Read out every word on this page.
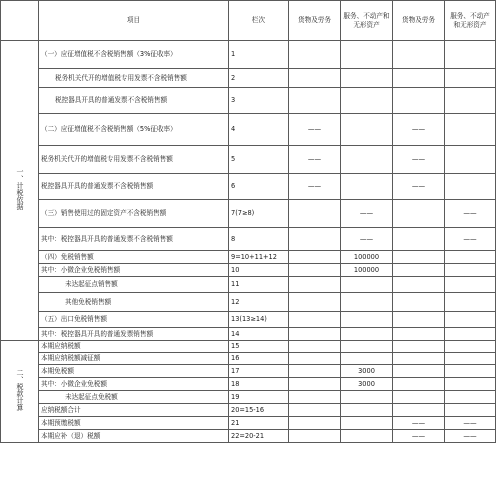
	项目	栏次	货物及劳务	服务、不动产和无形资产	货物及劳务	服务、不动产和无形资产
一、计税依据	（一）应征增值税不含税销售额（3%征收率）	1				
	税务机关代开的增值税专用发票不含税销售额	2				
	税控器具开具的普通发票不含税销售额	3				
	（二）应征增值税不含税销售额（5%征收率）	4	——		——	
	税务机关代开的增值税专用发票不含税销售额	5	——		——	
	税控器具开具的普通发票不含税销售额	6	——		——	
	（三）销售使用过的固定资产不含税销售额	7(7≥8)		——		——
	其中：税控器具开具的普通发票不含税销售额	8		——		——
	（四）免税销售额	9=10+11+12		100000		
	其中：小微企业免税销售额	10		100000		
	未达起征点销售额	11				
	其他免税销售额	12				
	（五）出口免税销售额	13(13≥14)				
	其中：税控器具开具的普通发票销售额	14				
二、税款计算	本期应纳税额	15				
	本期应纳税额减征额	16				
	本期免税额	17		3000		
	其中：小微企业免税额	18		3000		
	未达起征点免税额	19				
	应纳税额合计	20=15-16				
	本期预缴税额	21			——	——
	本期应补（退）税额	22=20-21			——	——
